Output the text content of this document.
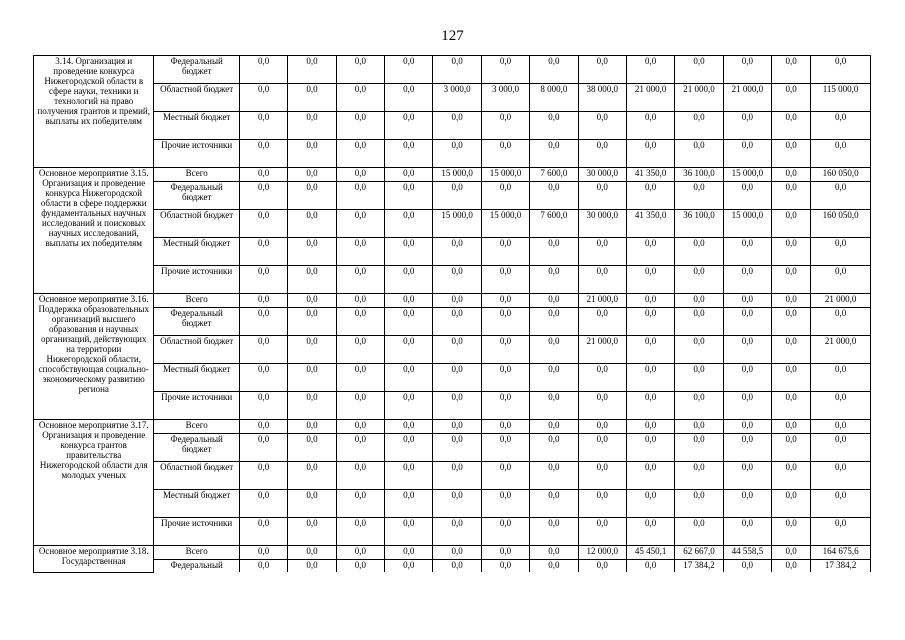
127
3.14. Организация и проведение конкурса Нижегородской области в сфере науки, техники и технологий на право получения грантов и премий, выплаты их победителям	Федеральный бюджет	0,0	0,0	0,0	0,0	0,0	0,0	0,0	0,0	0,0	0,0	0,0	0,0	0,0
	Областной бюджет	0,0	0,0	0,0	0,0	3 000,0	3 000,0	8 000,0	38 000,0	21 000,0	21 000,0	21 000,0	0,0	115 000,0
	Местный бюджет	0,0	0,0	0,0	0,0	0,0	0,0	0,0	0,0	0,0	0,0	0,0	0,0	0,0
	Прочие источники	0,0	0,0	0,0	0,0	0,0	0,0	0,0	0,0	0,0	0,0	0,0	0,0	0,0
Основное мероприятие 3.15. Организация и проведение конкурса Нижегородской области в сфере поддержки фундаментальных научных исследований и поисковых научных исследований, выплаты их победителям	Всего	0,0	0,0	0,0	0,0	15 000,0	15 000,0	7 600,0	30 000,0	41 350,0	36 100,0	15 000,0	0,0	160 050,0
	Федеральный бюджет	0,0	0,0	0,0	0,0	0,0	0,0	0,0	0,0	0,0	0,0	0,0	0,0	0,0
	Областной бюджет	0,0	0,0	0,0	0,0	15 000,0	15 000,0	7 600,0	30 000,0	41 350,0	36 100,0	15 000,0	0,0	160 050,0
	Местный бюджет	0,0	0,0	0,0	0,0	0,0	0,0	0,0	0,0	0,0	0,0	0,0	0,0	0,0
	Прочие источники	0,0	0,0	0,0	0,0	0,0	0,0	0,0	0,0	0,0	0,0	0,0	0,0	0,0
Основное мероприятие 3.16. Поддержка образовательных организаций высшего образования и научных организаций, действующих на территории Нижегородской области, способствующая социально-экономическому развитию региона	Всего	0,0	0,0	0,0	0,0	0,0	0,0	0,0	21 000,0	0,0	0,0	0,0	0,0	21 000,0
	Федеральный бюджет	0,0	0,0	0,0	0,0	0,0	0,0	0,0	0,0	0,0	0,0	0,0	0,0	0,0
	Областной бюджет	0,0	0,0	0,0	0,0	0,0	0,0	0,0	21 000,0	0,0	0,0	0,0	0,0	21 000,0
	Местный бюджет	0,0	0,0	0,0	0,0	0,0	0,0	0,0	0,0	0,0	0,0	0,0	0,0	0,0
	Прочие источники	0,0	0,0	0,0	0,0	0,0	0,0	0,0	0,0	0,0	0,0	0,0	0,0	0,0
Основное мероприятие 3.17. Организация и проведение конкурса грантов правительства Нижегородской области для молодых ученых	Всего	0,0	0,0	0,0	0,0	0,0	0,0	0,0	0,0	0,0	0,0	0,0	0,0	0,0
	Федеральный бюджет	0,0	0,0	0,0	0,0	0,0	0,0	0,0	0,0	0,0	0,0	0,0	0,0	0,0
	Областной бюджет	0,0	0,0	0,0	0,0	0,0	0,0	0,0	0,0	0,0	0,0	0,0	0,0	0,0
	Местный бюджет	0,0	0,0	0,0	0,0	0,0	0,0	0,0	0,0	0,0	0,0	0,0	0,0	0,0
	Прочие источники	0,0	0,0	0,0	0,0	0,0	0,0	0,0	0,0	0,0	0,0	0,0	0,0	0,0
Основное мероприятие 3.18. Государственная	Всего	0,0	0,0	0,0	0,0	0,0	0,0	0,0	12 000,0	45 450,1	62 667,0	44 558,5	0,0	164 675,6
	Федеральный	0,0	0,0	0,0	0,0	0,0	0,0	0,0	0,0	0,0	17 384,2	0,0	0,0	17 384,2
